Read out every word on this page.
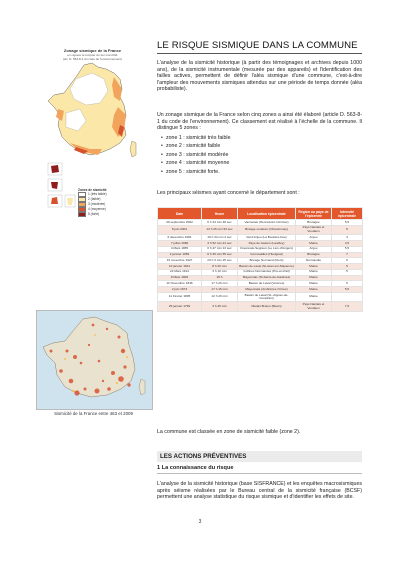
Zonage sismique de la France
en vigueur à compter du 1er mai 2011
(art. D. 563-8-1 du code de l'environnement)
Zones de sismicité
1 (très faible)
2 (faible)
3 (modérée)
4 (moyenne)
5 (forte)
Sismicité de la France entre 463 et 2009
LE RISQUE SISMIQUE DANS LA COMMUNE
L'analyse de la sismicité historique (à partir des témoignages et archives depuis 1000 ans), de la sismicité instrumentale (mesurée par des appareils) et l'identification des failles actives, permettent de définir l'aléa sismique d'une commune, c'est-à-dire l'ampleur des mouvements sismiques attendus sur une période de temps donnée (aléa probabiliste).
Un zonage sismique de la France selon cinq zones a ainsi été élaboré (article D. 563-8-1 du code de l'environnement). Ce classement est réalisé à l'échelle de la commune. Il distingue 5 zones :
• zone 1 : sismicité très faible
• zone 2 : sismicité faible
• zone 3 : sismicité modérée
• zone 4 : sismicité moyenne
• zone 5 : sismicité forte.
Les principaux séismes ayant concerné le département sont :
Date	Heure	Localisation épicentrale	Région ou pays de l'épicentre	Intensité épicentrale
30 septembre 2002	6 h 44 min 48 sec	Vannetais (Hennebont-Inzinzac)	Bretagne	5,5
8 juin 2001	13 h 26 min 53 sec	Bocage vendéen (Chantonnay)	Pays Nantais et Vendéen	5
6 décembre 1981	19 h 34 min 4 sec	Val d'Anjou (La Boutière-Fée)	Anjou	4
7 juillet 1980	3 h 52 min 21 sec	Pays de Gaston (Laudley)	Maine	4,5
4 Mars 1965	0 h 47 min 13 sec	Craonnais-Segréen (Le Lion-d'Angers)	Anjou	5,5
2 janvier 1959	6 h 25 min 55 sec	Cornouailles (Huelgoat)	Bretagne	7
19 novembre 1927	23 h 3 min 25 sec	Bocage Normand (Flers)	Normandie	6
10 janvier 1921	8 h 20 min	Bassin de Laval (St-Jean-sur-Mayenne)	Maine	5
22 Mars 1914	3 h 10 min	Collines Normandes (Pré-en-Pail)	Maine	5
8 Mars 1909	15 h	Mayennais (St-Denis-de-Gastines)	Maine	
12 Novembre 1846	17 h 20 min	Bassin de Laval (Vesines)	Maine	5
2 juin 1873	17 h 15 min	Mayennais (Ambrières-Ormes)	Maine	5,5
11 Février 1805	12 h 20 min	Bassin de Laval (St.-Aignan-de-Couptrain)	Maine	
25 janvier 1799	3 h 45 min	Marais Breton (Bouin)	Pays Nantais et Vendéen	7,5
La commune est classée en zone de sismicité faible (zone 2).
LES ACTIONS PRÉVENTIVES
1 La connaissance du risque
L'analyse de la sismicité historique (base SISFRANCE) et les enquêtes macrosismiques après séisme réalisées par le Bureau central de la sismicité française (BCSF) permettent une analyse statistique du risque sismique et d'identifier les effets de site.
3
